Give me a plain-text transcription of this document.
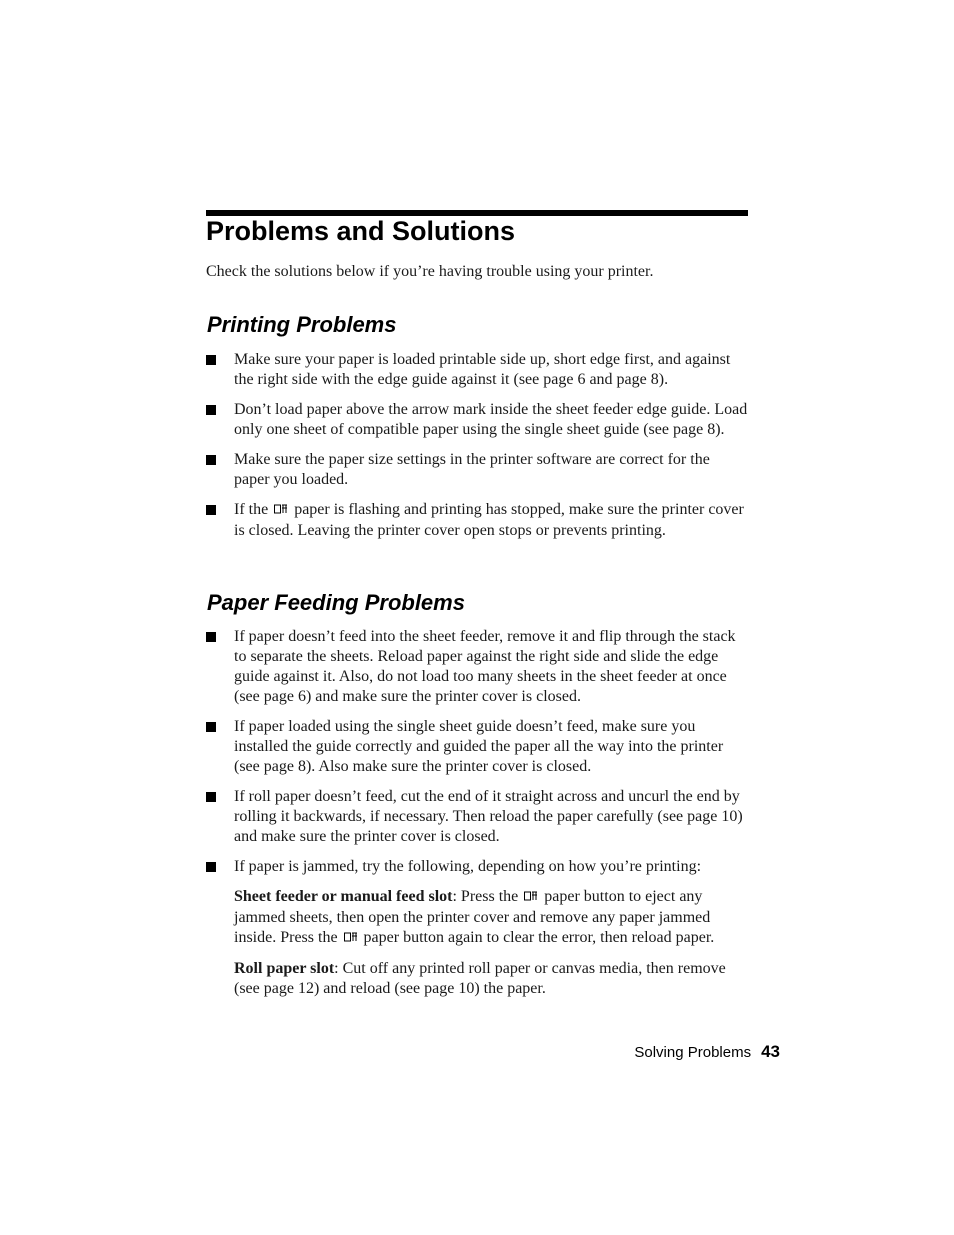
Problems and Solutions

Check the solutions below if you’re having trouble using your printer.

Printing Problems
Make sure your paper is loaded printable side up, short edge first, and against the right side with the edge guide against it (see page 6 and page 8).
Don’t load paper above the arrow mark inside the sheet feeder edge guide. Load only one sheet of compatible paper using the single sheet guide (see page 8).
Make sure the paper size settings in the printer software are correct for the paper you loaded.
If the paper is flashing and printing has stopped, make sure the printer cover is closed. Leaving the printer cover open stops or prevents printing.
Paper Feeding Problems
If paper doesn’t feed into the sheet feeder, remove it and flip through the stack to separate the sheets. Reload paper against the right side and slide the edge guide against it. Also, do not load too many sheets in the sheet feeder at once (see page 6) and make sure the printer cover is closed.
If paper loaded using the single sheet guide doesn’t feed, make sure you installed the guide correctly and guided the paper all the way into the printer (see page 8). Also make sure the printer cover is closed.
If roll paper doesn’t feed, cut the end of it straight across and uncurl the end by rolling it backwards, if necessary. Then reload the paper carefully (see page 10) and make sure the printer cover is closed.
If paper is jammed, try the following, depending on how you’re printing:
Sheet feeder or manual feed slot: Press the paper button to eject any jammed sheets, then open the printer cover and remove any paper jammed inside. Press the paper button again to clear the error, then reload paper.
Roll paper slot: Cut off any printed roll paper or canvas media, then remove (see page 12) and reload (see page 10) the paper.
Solving Problems 43
